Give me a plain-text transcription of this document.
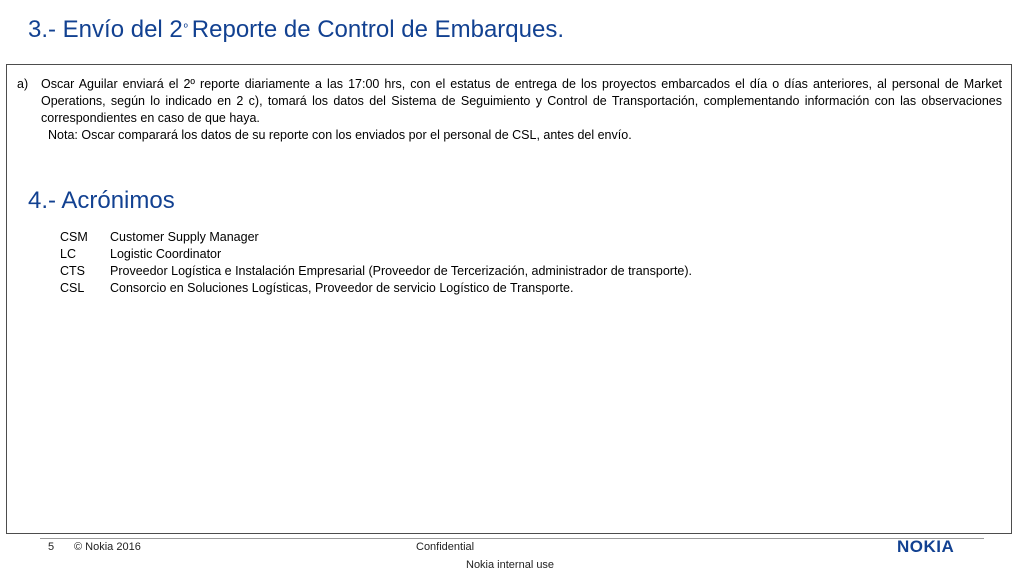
3.- Envío del $2^º$ Reporte de Control de Embarques.
a) Oscar Aguilar enviará el 2º reporte diariamente a las 17:00 hrs, con el estatus de entrega de los proyectos embarcados el día o días anteriores, al personal de Market Operations, según lo indicado en 2 c), tomará los datos del Sistema de Seguimiento y Control de Transportación, complementando información con las observaciones correspondientes en caso de que haya.
Nota: Oscar comparará los datos de su reporte con los enviados por el personal de CSL, antes del envío.
4.- Acrónimos
CSM	Customer Supply Manager
LC	Logistic Coordinator
CTS	Proveedor Logística e Instalación Empresarial (Proveedor de Tercerización, administrador de transporte).
CSL	Consorcio en Soluciones Logísticas, Proveedor de servicio Logístico de Transporte.
5 © Nokia 2016	Confidential
Nokia internal use
NOKIA
